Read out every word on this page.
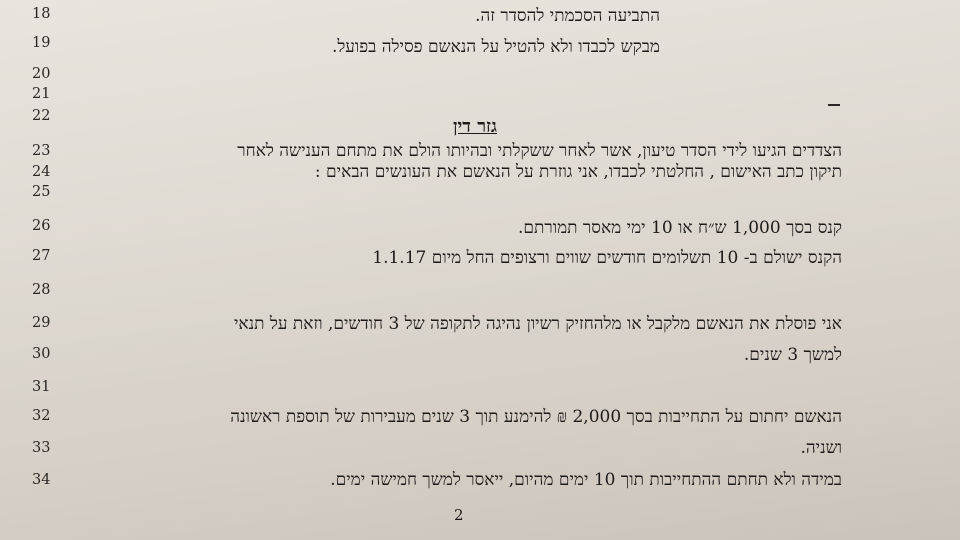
18
19
20
21
22
23
24
25
26
27
28
29
30
31
32
33
34
התביעה הסכמתי להסדר זה.
מבקש לכבדו ולא להטיל על הנאשם פסילה בפועל.
גזר דין
הצדדים הגיעו לידי הסדר טיעון, אשר לאחר ששקלתי ובהיותו הולם את מתחם הענישה לאחר
תיקון כתב האישום , החלטתי לכבדו, אני גוזרת על הנאשם את העונשים הבאים :
קנס בסך 1,000 ש״ח או 10 ימי מאסר תמורתם.
הקנס ישולם ב- 10 תשלומים חודשים שווים ורצופים החל מיום 1.1.17
אני פוסלת את הנאשם מלקבל או מלהחזיק רשיון נהיגה לתקופה של 3 חודשים, וזאת על תנאי
למשך 3 שנים.
הנאשם יחתום על התחייבות בסך 2,000 ₪ להימנע תוך 3 שנים מעבירות של תוספת ראשונה
ושניה.
במידה ולא תחתם ההתחייבות תוך 10 ימים מהיום, ייאסר למשך חמישה ימים.
2
